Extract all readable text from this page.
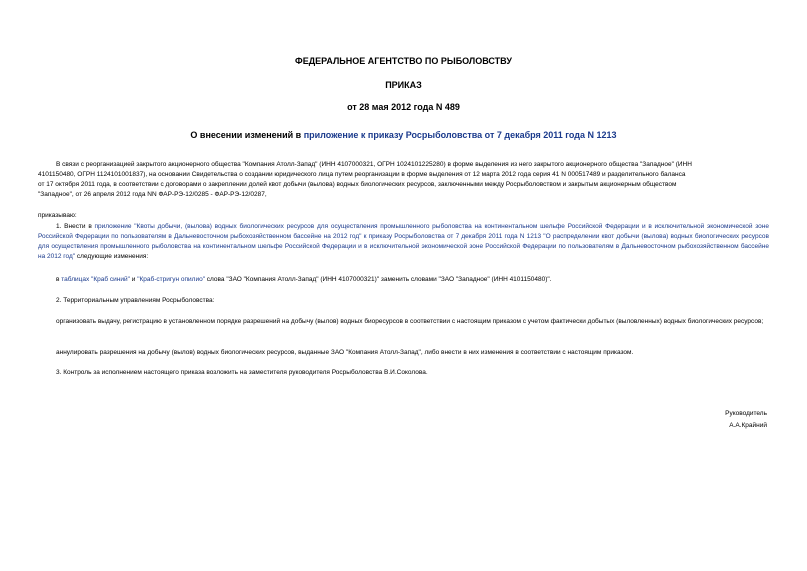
ФЕДЕРАЛЬНОЕ АГЕНТСТВО ПО РЫБОЛОВСТВУ
ПРИКАЗ
от 28 мая 2012 года N 489
О внесении изменений в приложение к приказу Росрыболовства от 7 декабря 2011 года N 1213
В связи с реорганизацией закрытого акционерного общества "Компания Атолл-Запад" (ИНН 4107000321, ОГРН 1024101225280) в форме выделения из него закрытого акционерного общества "Западное" (ИНН
4101150480, ОГРН 1124101001837), на основании Свидетельства о создании юридического лица путем реорганизации в форме выделения от 12 марта 2012 года серия 41 N 000517489 и разделительного баланса
от 17 октября 2011 года, в соответствии с договорами о закреплении долей квот добычи (вылова) водных биологических ресурсов, заключенными между Росрыболовством и закрытым акционерным обществом
"Западное", от 26 апреля 2012 года NN ФАР-РЭ-12/0285 - ФАР-РЭ-12/0287,
приказываю:
1. Внести в приложение "Квоты добычи, (вылова) водных биологических ресурсов для осуществления промышленного рыболовства на континентальном шельфе Российской Федерации и в исключительной экономической зоне Российской Федерации по пользователям в Дальневосточном рыбохозяйственном бассейне на 2012 год" к приказу Росрыболовства от 7 декабря 2011 года N 1213 "О распределении квот добычи (вылова) водных биологических ресурсов для осуществления промышленного рыболовства на континентальном шельфе Российской Федерации и в исключительной экономической зоне Российской Федерации по пользователям в Дальневосточном рыбохозяйственном бассейне на 2012 год" следующие изменения:
в таблицах "Краб синий" и "Краб-стригун опилио" слова "ЗАО "Компания Атолл-Запад" (ИНН 4107000321)" заменить словами "ЗАО "Западное" (ИНН 4101150480)".
2. Территориальным управлениям Росрыболовства:
организовать выдачу, регистрацию в установленном порядке разрешений на добычу (вылов) водных биоресурсов в соответствии с настоящим приказом с учетом фактически добытых (выловленных) водных биологических ресурсов;
аннулировать разрешения на добычу (вылов) водных биологических ресурсов, выданные ЗАО "Компания Атолл-Запад", либо внести в них изменения в соответствии с настоящим приказом.
3. Контроль за исполнением настоящего приказа возложить на заместителя руководителя Росрыболовства В.И.Соколова.
Руководитель
А.А.Крайний
